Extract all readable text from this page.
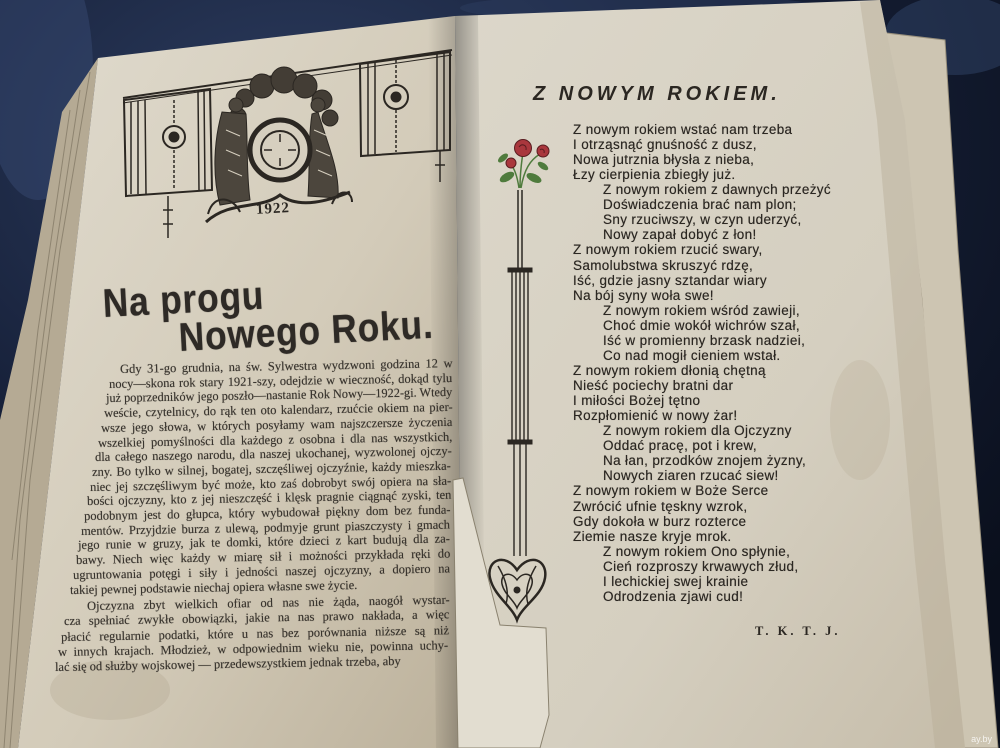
1922
Na progu
Nowego Roku.
Gdy 31-go grudnia, na św. Sylwestra wydzwoni godzina 12 w
nocy—skona rok stary 1921-szy, odejdzie w wieczność, dokąd tylu
już poprzedników jego poszło—nastanie Rok Nowy—1922-gi. Wtedy
weście, czytelnicy, do rąk ten oto kalendarz, rzućcie okiem na pier-
wsze jego słowa, w których posyłamy wam najszczersze życzenia
wszelkiej pomyślności dla każdego z osobna i dla nas wszystkich,
dla całego naszego narodu, dla naszej ukochanej, wyzwolonej ojczy-
zny. Bo tylko w silnej, bogatej, szczęśliwej ojczyźnie, każdy mieszka-
niec jej szczęśliwym być może, kto zaś dobrobyt swój opiera na sła-
bości ojczyzny, kto z jej nieszczęść i klęsk pragnie ciągnąć zyski, ten
podobnym jest do głupca, który wybudował piękny dom bez funda-
mentów. Przyjdzie burza z ulewą, podmyje grunt piaszczysty i gmach
jego runie w gruzy, jak te domki, które dzieci z kart budują dla za-
bawy. Niech więc każdy w miarę sił i możności przykłada ręki do
ugruntowania potęgi i siły i jedności naszej ojczyzny, a dopiero na
takiej pewnej podstawie niechaj opiera własne swe życie.
Ojczyzna zbyt wielkich ofiar od nas nie żąda, naogół wystar-
cza spełniać zwykłe obowiązki, jakie na nas prawo nakłada, a więc
płacić regularnie podatki, które u nas bez porównania niższe są niż
w innych krajach. Młodzież, w odpowiednim wieku nie, powinna uchy-
lać się od służby wojskowej — przedewszystkiem jednak trzeba, aby
Z NOWYM ROKIEM.
Z nowym rokiem wstać nam trzeba
I otrząsnąć gnuśność z dusz,
Nowa jutrznia błysła z nieba,
Łzy cierpienia zbiegły już.
Z nowym rokiem z dawnych przeżyć
Doświadczenia brać nam plon;
Sny rzuciwszy, w czyn uderzyć,
Nowy zapał dobyć z łon!
Z nowym rokiem rzucić swary,
Samolubstwa skruszyć rdzę,
Iść, gdzie jasny sztandar wiary
Na bój syny woła swe!
Z nowym rokiem wśród zawieji,
Choć dmie wokół wichrów szał,
Iść w promienny brzask nadziei,
Co nad mogił cieniem wstał.
Z nowym rokiem dłonią chętną
Nieść pociechy bratni dar
I miłości Bożej tętno
Rozpłomienić w nowy żar!
Z nowym rokiem dla Ojczyzny
Oddać pracę, pot i krew,
Na łan, przodków znojem żyzny,
Nowych ziaren rzucać siew!
Z nowym rokiem w Boże Serce
Zwrócić ufnie tęskny wzrok,
Gdy dokoła w burz rozterce
Ziemie nasze kryje mrok.
Z nowym rokiem Ono spłynie,
Cień rozproszy krwawych złud,
I lechickiej swej krainie
Odrodzenia zjawi cud!
T. K. T. J.
ay.by
